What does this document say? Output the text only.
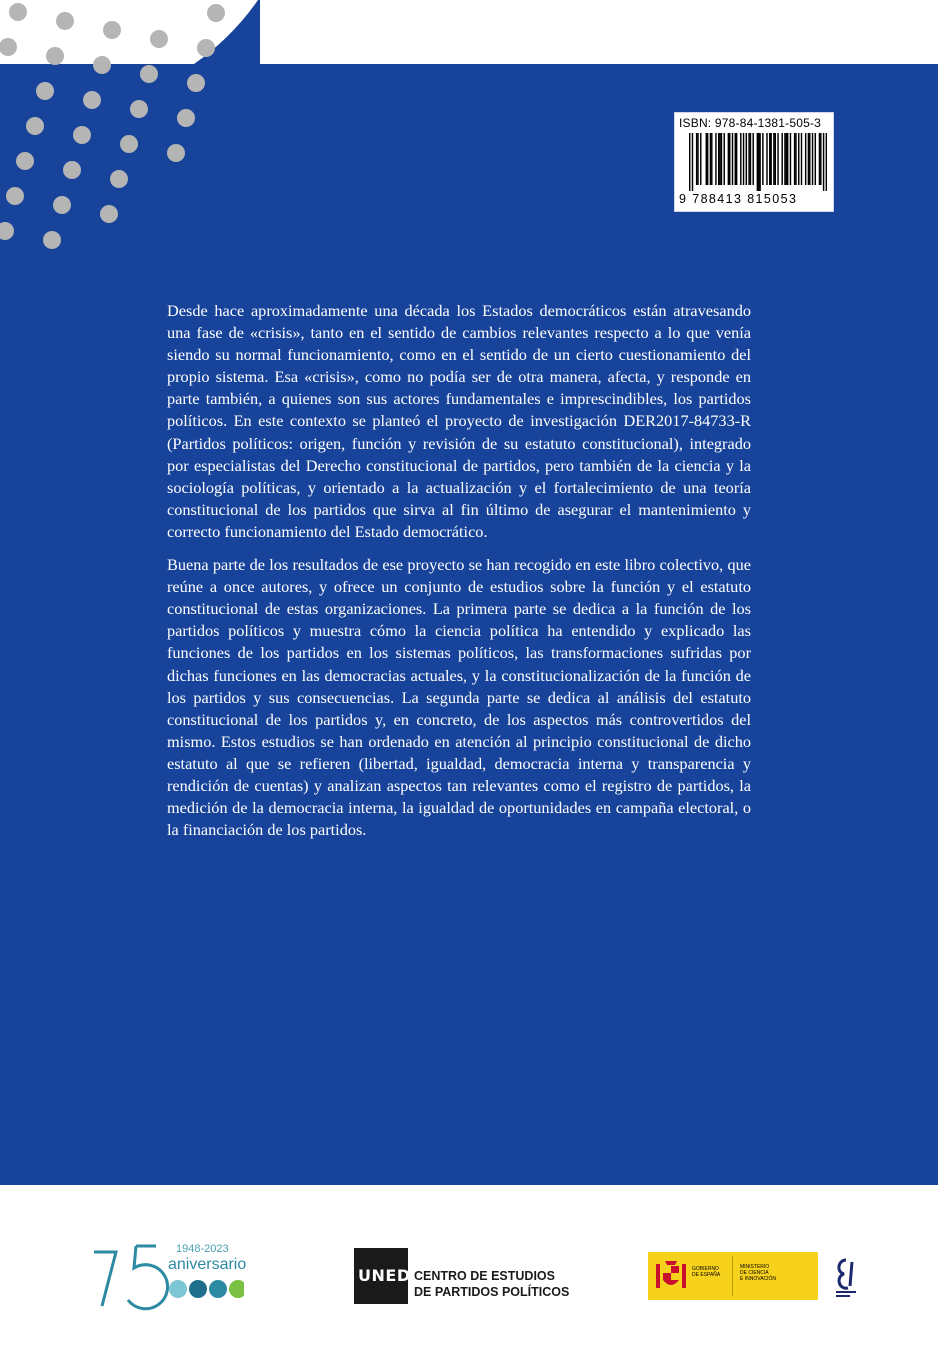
ISBN: 978-84-1381-505-3
9 788413 815053

Desde hace aproximadamente una década los Estados democráticos están atravesando una fase de «crisis», tanto en el sentido de cambios relevantes respecto a lo que venía siendo su normal funcionamiento, como en el sentido de un cierto cuestionamiento del propio sistema. Esa «crisis», como no podía ser de otra manera, afecta, y responde en parte también, a quienes son sus actores fundamentales e imprescindibles, los partidos políticos. En este contexto se planteó el proyecto de investigación DER2017-84733-R (Partidos políticos: origen, función y revisión de su estatuto constitucional), integrado por especialistas del Derecho constitucional de partidos, pero también de la ciencia y la sociología políticas, y orientado a la actualización y el fortalecimiento de una teoría constitucional de los partidos que sirva al fin último de asegurar el mantenimiento y correcto funcionamiento del Estado democrático.

Buena parte de los resultados de ese proyecto se han recogido en este libro colectivo, que reúne a once autores, y ofrece un conjunto de estudios sobre la función y el estatuto constitucional de estas organizaciones. La primera parte se dedica a la función de los partidos políticos y muestra cómo la ciencia política ha entendido y explicado las funciones de los partidos en los sistemas políticos, las transformaciones sufridas por dichas funciones en las democracias actuales, y la constitucionalización de la función de los partidos y sus consecuencias. La segunda parte se dedica al análisis del estatuto constitucional de los partidos y, en concreto, de los aspectos más controvertidos del mismo. Estos estudios se han ordenado en atención al principio constitucional de dicho estatuto al que se refieren (libertad, igualdad, democracia interna y transparencia y rendición de cuentas) y analizan aspectos tan relevantes como el registro de partidos, la medición de la democracia interna, la igualdad de oportunidades en campaña electoral, o la financiación de los partidos.

1948-2023
aniversario
UNED CENTRO DE ESTUDIOS
DE PARTIDOS POLÍTICOS
GOBIERNO
DE ESPAÑA
MINISTERIO
DE CIENCIA
E INNOVACIÓN
